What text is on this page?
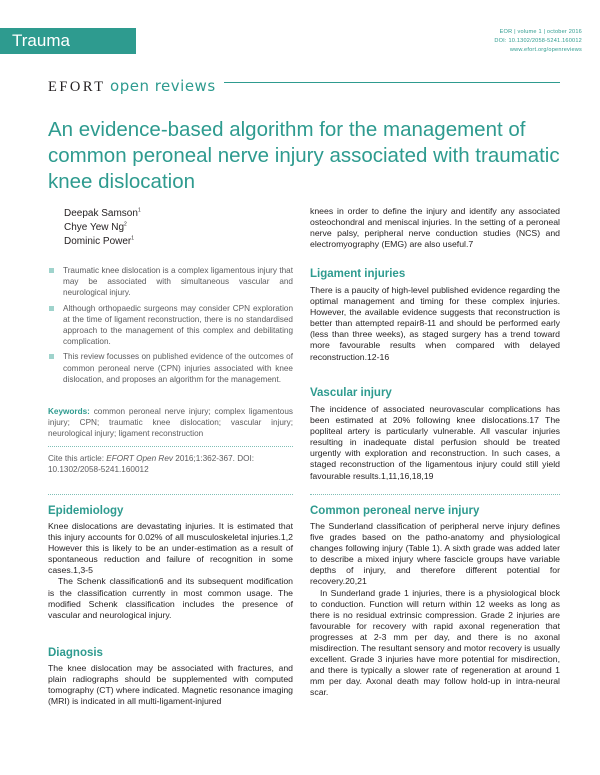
Trauma	EOR | volume 1 | october 2016
DOI: 10.1302/2058-5241.160012
www.efort.org/openreviews
EFORT open reviews
An evidence-based algorithm for the management of common peroneal nerve injury associated with traumatic knee dislocation
Deepak Samson$^1$
Chye Yew Ng$^2$
Dominic Power$^1$
Traumatic knee dislocation is a complex ligamentous injury that may be associated with simultaneous vascular and neurological injury.
Although orthopaedic surgeons may consider CPN exploration at the time of ligament reconstruction, there is no standardised approach to the management of this complex and debilitating complication.
This review focusses on published evidence of the outcomes of common peroneal nerve (CPN) injuries associated with knee dislocation, and proposes an algorithm for the management.
Keywords: common peroneal nerve injury; complex ligamentous injury; CPN; traumatic knee dislocation; vascular injury; neurological injury; ligament reconstruction
Cite this article: EFORT Open Rev 2016;1:362-367. DOI: 10.1302/2058-5241.160012
Epidemiology

Knee dislocations are devastating injuries. It is estimated that this injury accounts for 0.02% of all musculoskeletal injuries.1,2 However this is likely to be an under-estimation as a result of spontaneous reduction and failure of recognition in some cases.1,3-5

The Schenk classification6 and its subsequent modification is the classification currently in most common usage. The modified Schenk classification includes the presence of vascular and neurological injury.

Diagnosis

The knee dislocation may be associated with fractures, and plain radiographs should be supplemented with computed tomography (CT) where indicated. Magnetic resonance imaging (MRI) is indicated in all multi-ligament-injured

knees in order to define the injury and identify any associated osteochondral and meniscal injuries. In the setting of a peroneal nerve palsy, peripheral nerve conduction studies (NCS) and electromyography (EMG) are also useful.7

Ligament injuries

There is a paucity of high-level published evidence regarding the optimal management and timing for these complex injuries. However, the available evidence suggests that reconstruction is better than attempted repair8-11 and should be performed early (less than three weeks), as staged surgery has a trend toward more favourable results when compared with delayed reconstruction.12-16

Vascular injury

The incidence of associated neurovascular complications has been estimated at 20% following knee dislocations.17 The popliteal artery is particularly vulnerable. All vascular injuries resulting in inadequate distal perfusion should be treated urgently with exploration and reconstruction. In such cases, a staged reconstruction of the ligamentous injury could still yield favourable results.1,11,16,18,19

Common peroneal nerve injury

The Sunderland classification of peripheral nerve injury defines five grades based on the patho-anatomy and physiological changes following injury (Table 1). A sixth grade was added later to describe a mixed injury where fascicle groups have variable depths of injury, and therefore different potential for recovery.20,21

In Sunderland grade 1 injuries, there is a physiological block to conduction. Function will return within 12 weeks as long as there is no residual extrinsic compression. Grade 2 injuries are favourable for recovery with rapid axonal regeneration that progresses at 2-3 mm per day, and there is no axonal misdirection. The resultant sensory and motor recovery is usually excellent. Grade 3 injuries have more potential for misdirection, and there is typically a slower rate of regeneration at around 1 mm per day. Axonal death may follow hold-up in intra-neural scar.
